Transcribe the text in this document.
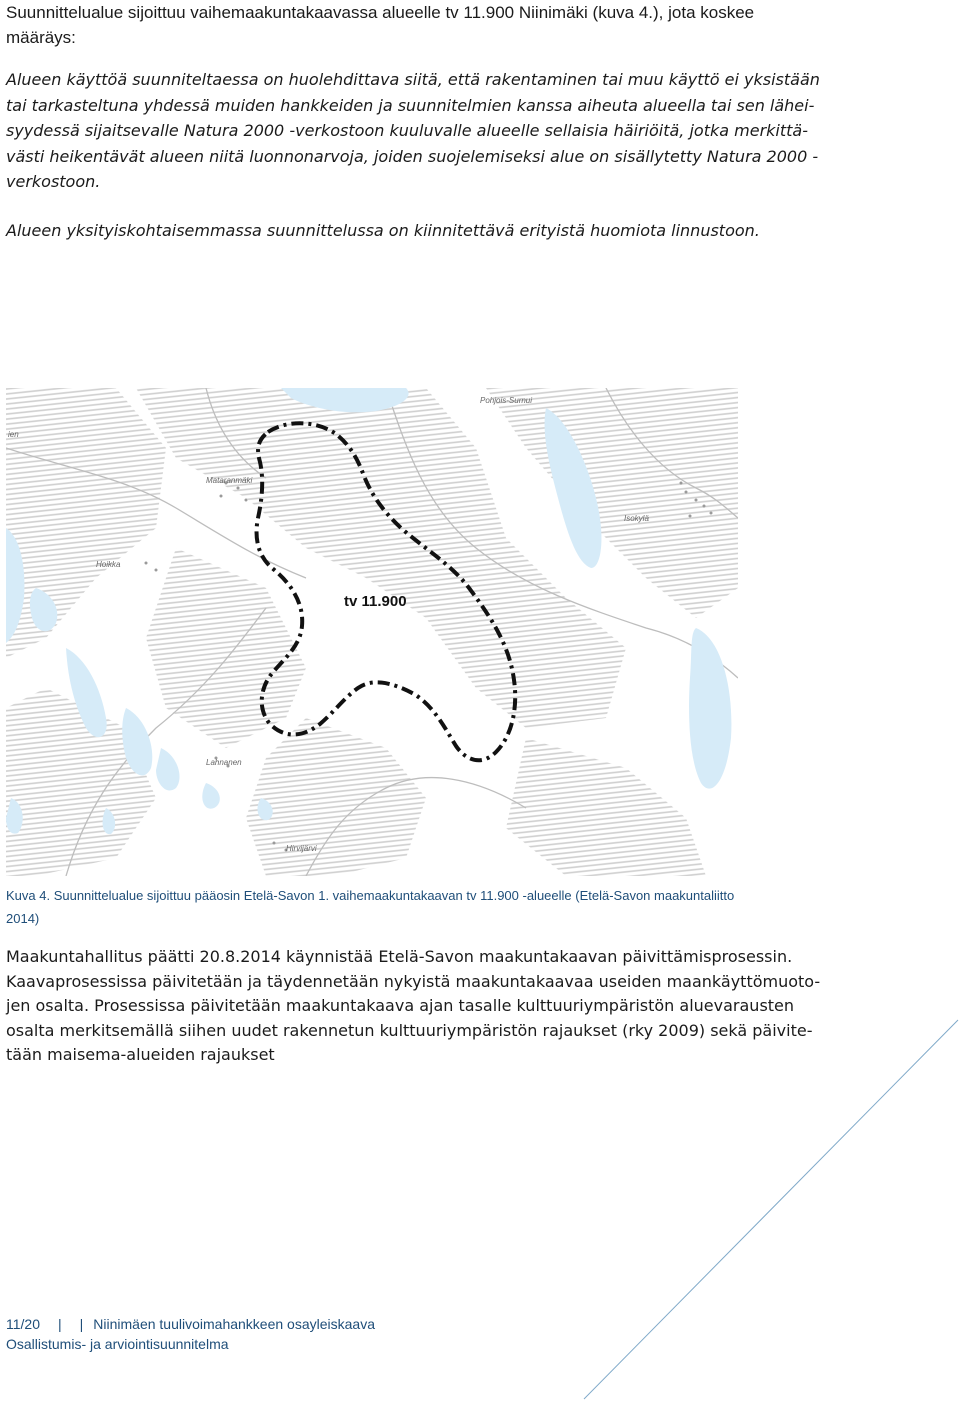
Suunnittelualue sijoittuu vaihemaakuntakaavassa alueelle tv 11.900 Niinimäki (kuva 4.), jota koskee

määräys:

Alueen käyttöä suunniteltaessa on huolehdittava siitä, että rakentaminen tai muu käyttö ei yksistään

tai tarkasteltuna yhdessä muiden hankkeiden ja suunnitelmien kanssa aiheuta alueella tai sen lähei-

syydessä sijaitsevalle Natura 2000 -verkostoon kuuluvalle alueelle sellaisia häiriöitä, jotka merkittä-

västi heikentävät alueen niitä luonnonarvoja, joiden suojelemiseksi alue on sisällytetty Natura 2000 -

verkostoon.

Alueen yksityiskohtaisemmassa suunnittelussa on kiinnitettävä erityistä huomiota linnustoon.

Pohjois-Surnui
ien
Mataranmäki
Isokylä
Hoikka
Lahnanen
Hirvijärvi
tv 11.900

Kuva 4. Suunnittelualue sijoittuu pääosin Etelä-Savon 1. vaihemaakuntakaavan tv 11.900 -alueelle (Etelä-Savon maakuntaliitto

2014)

Maakuntahallitus päätti 20.8.2014 käynnistää Etelä-Savon maakuntakaavan päivittämisprosessin.

Kaavaprosessissa päivitetään ja täydennetään nykyistä maakuntakaavaa useiden maankäyttömuoto-

jen osalta. Prosessissa päivitetään maakuntakaava ajan tasalle kulttuuriympäristön aluevarausten

osalta merkitsemällä siihen uudet rakennetun kulttuuriympäristön rajaukset (rky 2009) sekä päivite-

tään maisema-alueiden rajaukset

11/20 | | Niinimäen tuulivoimahankkeen osayleiskaava
Osallistumis- ja arviointisuunnitelma
